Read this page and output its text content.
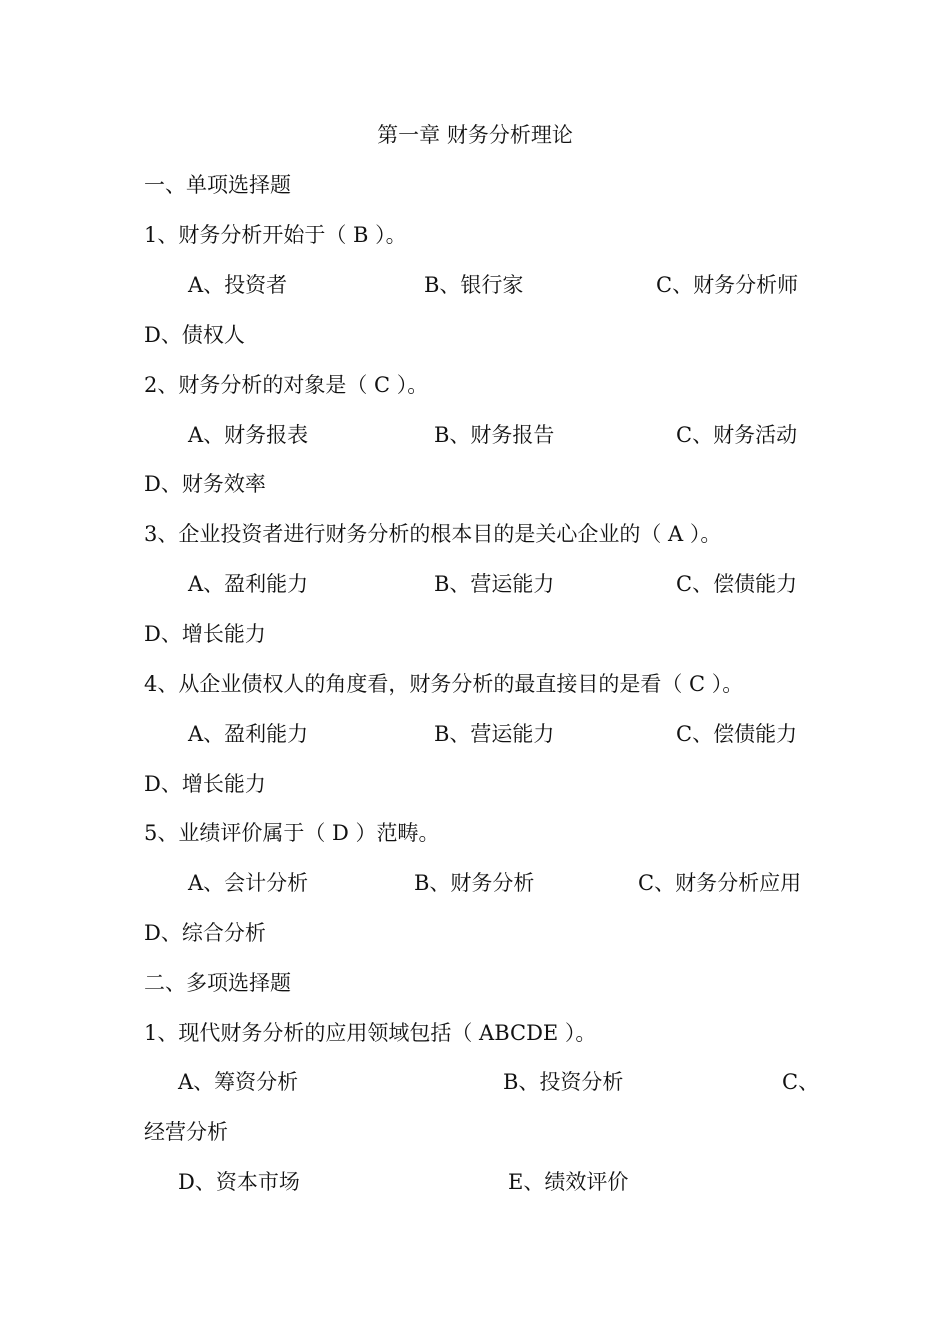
第一章 财务分析理论
一、单项选择题
1、财务分析开始于（ B ）。
A、投资者	B、银行家	C、财务分析师
D、债权人
2、财务分析的对象是（ C ）。
A、财务报表	B、财务报告	C、财务活动
D、财务效率
3、企业投资者进行财务分析的根本目的是关心企业的（ A ）。
A、盈利能力	B、营运能力	C、偿债能力
D、增长能力
4、从企业债权人的角度看，财务分析的最直接目的是看（ C ）。
A、盈利能力	B、营运能力	C、偿债能力
D、增长能力
5、业绩评价属于（ D ）范畴。
A、会计分析	B、财务分析	C、财务分析应用
D、综合分析
二、多项选择题
1、现代财务分析的应用领域包括（ ABCDE ）。
A、筹资分析	B、投资分析	C、
经营分析
D、资本市场	E、绩效评价
